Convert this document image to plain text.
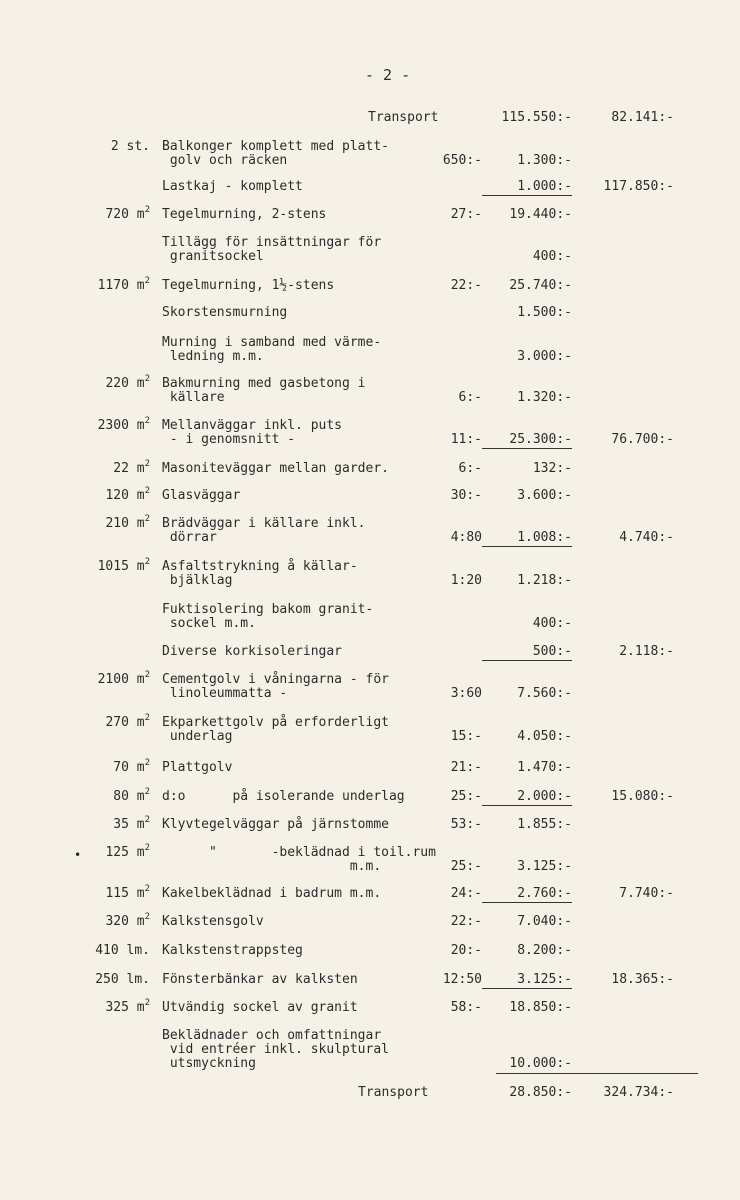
- 2 -
Transport	115.550:-	82.141:-
2 st. Balkonger komplett med platt-
golv och räcken	650:-	1.300:-
Lastkaj - komplett	1.000:-	117.850:-
720 $m^2$ Tegelmurning, 2-stens	27:-	19.440:-
Tillägg för insättningar för
granitsockel	400:-
1170 $m^2$ Tegelmurning, 1½-stens	22:-	25.740:-
Skorstensmurning	1.500:-
Murning i samband med värme-
ledning m.m.	3.000:-
220 $m^2$ Bakmurning med gasbetong i
källare	6:-	1.320:-
2300 $m^2$ Mellanväggar inkl. puts
- i genomsnitt -	11:-	25.300:-	76.700:-
22 $m^2$ Masoniteväggar mellan garder.	6:-	132:-
120 $m^2$ Glasväggar	30:-	3.600:-
210 $m^2$ Brädväggar i källare inkl.
dörrar	4:80	1.008:-	4.740:-
1015 $m^2$ Asfaltstrykning å källar-
bjälklag	1:20	1.218:-
Fuktisolering bakom granit-
sockel m.m.	400:-
Diverse korkisoleringar	500:-	2.118:-
2100 $m^2$ Cementgolv i våningarna - för
linoleummatta -	3:60	7.560:-
270 $m^2$ Ekparkettgolv på erforderligt
underlag	15:-	4.050:-
70 $m^2$ Plattgolv	21:-	1.470:-
80 $m^2$ d:o      på isolerande underlag	25:-	2.000:-	15.080:-
35 $m^2$ Klyvtegelväggar på järnstomme	53:-	1.855:-
125 $m^2$	"       -beklädnad i toil.rum
m.m.	25:-	3.125:-
115 $m^2$ Kakelbeklädnad i badrum m.m.	24:-	2.760:-	7.740:-
320 $m^2$ Kalkstensgolv	22:-	7.040:-
410 lm. Kalkstenstrappsteg	20:-	8.200:-
250 lm. Fönsterbänkar av kalksten	12:50	3.125:-	18.365:-
325 $m^2$ Utvändig sockel av granit	58:-	18.850:-
Beklädnader och omfattningar
vid entréer inkl. skulptural
utsmyckning	10.000:-
•
Transport	28.850:-	324.734:-
